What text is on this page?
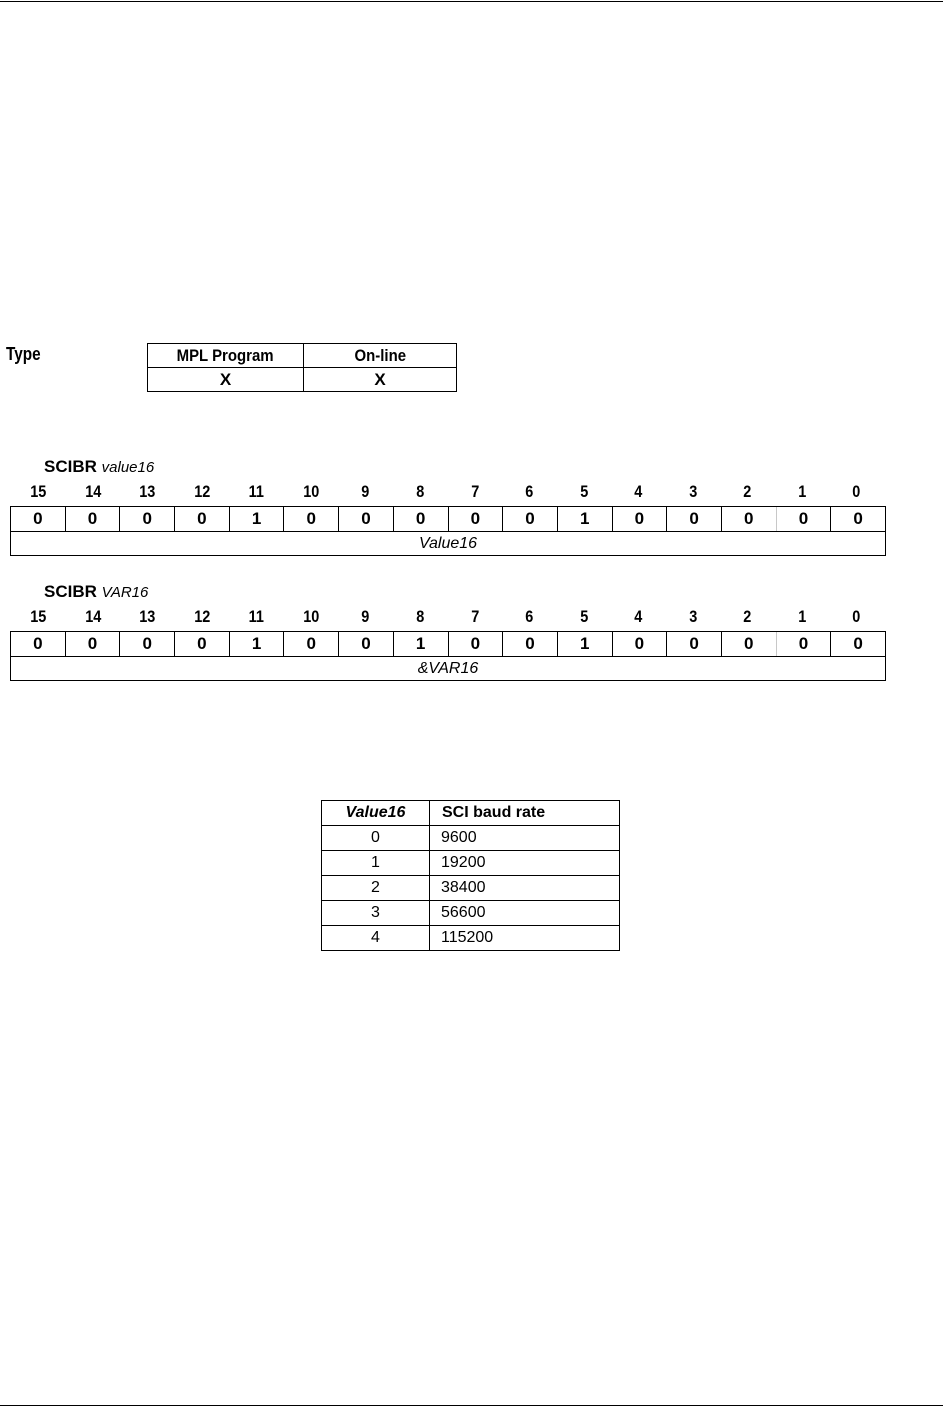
Type	MPL Program	On-line
X	X
SCIBR value16
15	14	13	12	11	10	9	8	7	6	5	4	3	2	1	0
0	0	0	0	1	0	0	0	0	0	1	0	0	0	0	0
Value16
SCIBR VAR16
15	14	13	12	11	10	9	8	7	6	5	4	3	2	1	0
0	0	0	0	1	0	0	1	0	0	1	0	0	0	0	0
&VAR16
Value16	SCI baud rate
0	9600
1	19200
2	38400
3	56600
4	115200
